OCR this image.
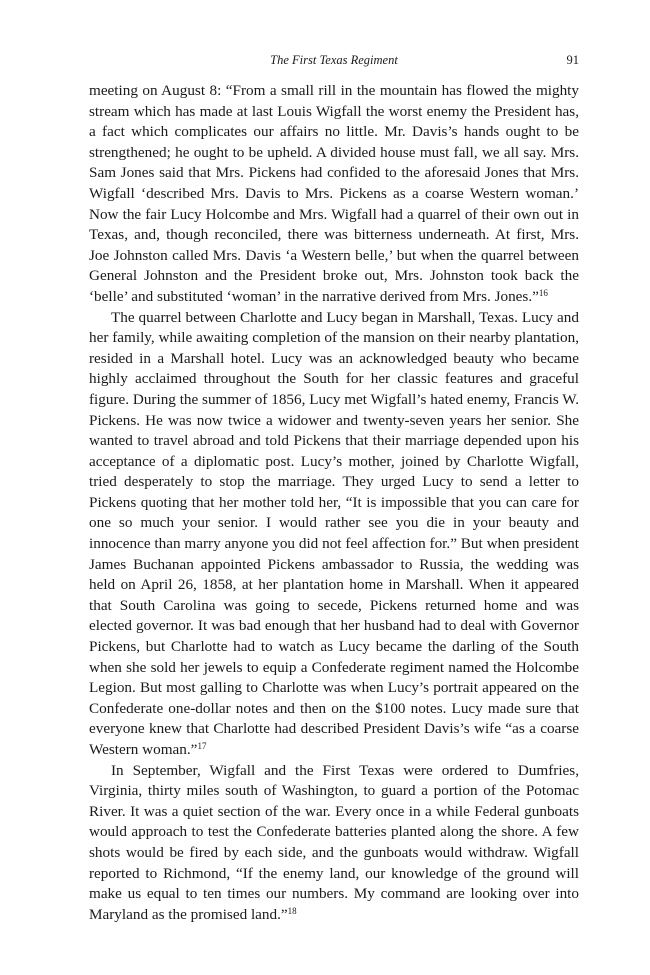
The First Texas Regiment	91

meeting on August 8: “From a small rill in the mountain has flowed the mighty stream which has made at last Louis Wigfall the worst enemy the President has, a fact which complicates our affairs no little. Mr. Davis’s hands ought to be strengthened; he ought to be upheld. A divided house must fall, we all say. Mrs. Sam Jones said that Mrs. Pickens had confided to the aforesaid Jones that Mrs. Wigfall ‘described Mrs. Davis to Mrs. Pickens as a coarse Western woman.’ Now the fair Lucy Holcombe and Mrs. Wigfall had a quarrel of their own out in Texas, and, though reconciled, there was bitterness underneath. At first, Mrs. Joe Johnston called Mrs. Davis ‘a Western belle,’ but when the quarrel between General Johnston and the President broke out, Mrs. Johnston took back the ‘belle’ and substituted ‘woman’ in the narrative derived from Mrs. Jones.”$^{16}$

The quarrel between Charlotte and Lucy began in Marshall, Texas. Lucy and her family, while awaiting completion of the mansion on their nearby plantation, resided in a Marshall hotel. Lucy was an acknowledged beauty who became highly acclaimed throughout the South for her classic features and graceful figure. During the summer of 1856, Lucy met Wigfall’s hated enemy, Francis W. Pickens. He was now twice a widower and twenty-seven years her senior. She wanted to travel abroad and told Pickens that their marriage depended upon his acceptance of a diplomatic post. Lucy’s mother, joined by Charlotte Wigfall, tried desperately to stop the marriage. They urged Lucy to send a letter to Pickens quoting that her mother told her, “It is impossible that you can care for one so much your senior. I would rather see you die in your beauty and innocence than marry anyone you did not feel affection for.” But when president James Buchanan appointed Pickens ambassador to Russia, the wedding was held on April 26, 1858, at her plantation home in Marshall. When it appeared that South Carolina was going to secede, Pickens returned home and was elected governor. It was bad enough that her husband had to deal with Governor Pickens, but Charlotte had to watch as Lucy became the darling of the South when she sold her jewels to equip a Confederate regiment named the Holcombe Legion. But most galling to Charlotte was when Lucy’s portrait appeared on the Confederate one-dollar notes and then on the $100 notes. Lucy made sure that everyone knew that Charlotte had described President Davis’s wife “as a coarse Western woman.”$^{17}$

In September, Wigfall and the First Texas were ordered to Dumfries, Virginia, thirty miles south of Washington, to guard a portion of the Potomac River. It was a quiet section of the war. Every once in a while Federal gunboats would approach to test the Confederate batteries planted along the shore. A few shots would be fired by each side, and the gunboats would withdraw. Wigfall reported to Richmond, “If the enemy land, our knowledge of the ground will make us equal to ten times our numbers. My command are looking over into Maryland as the promised land.”$^{18}$
